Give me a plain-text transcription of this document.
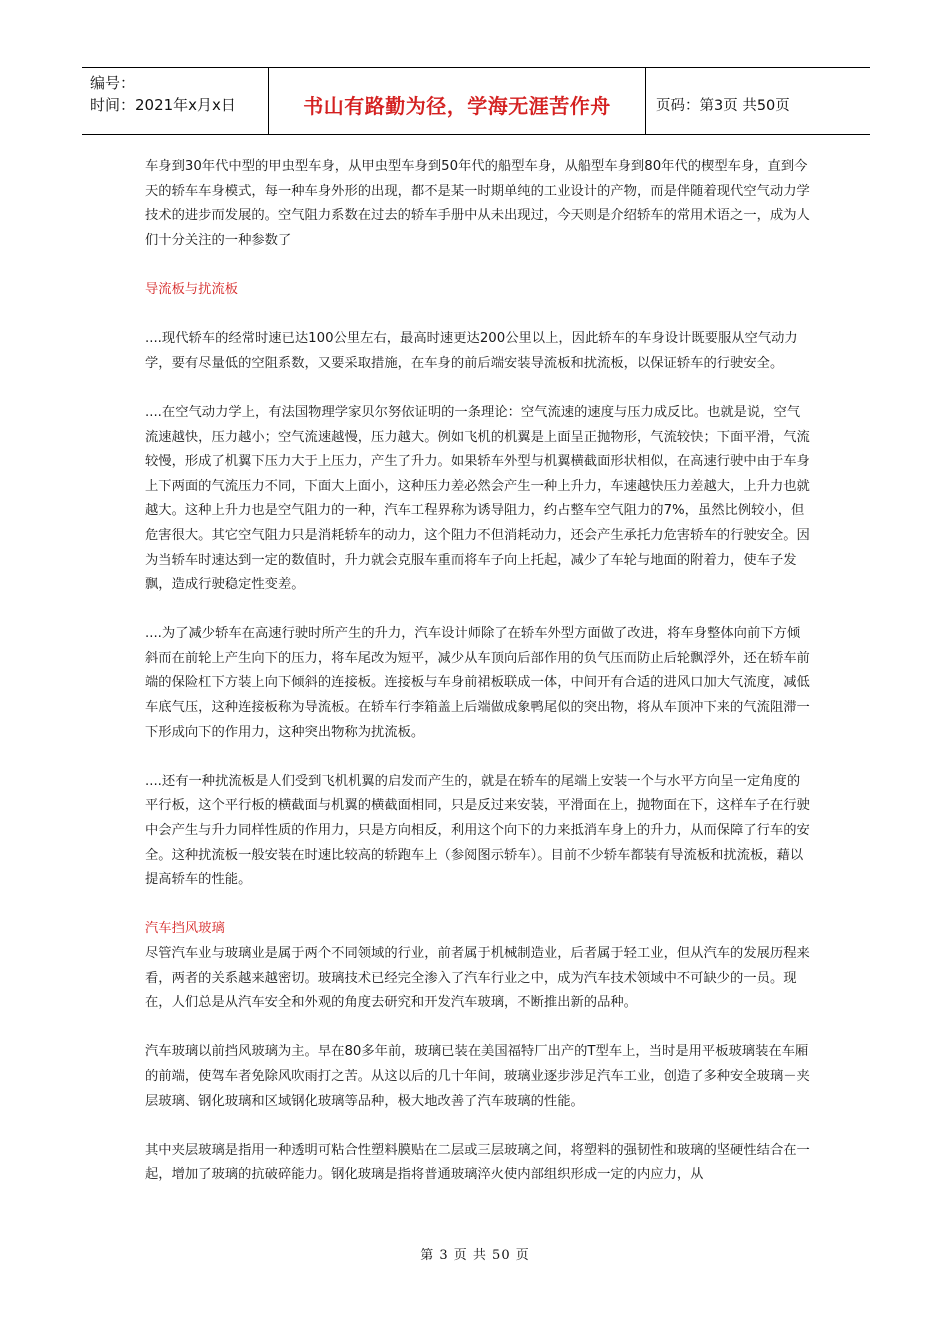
编号：
时间：2021年x月x日	书山有路勤为径，学海无涯苦作舟	页码：第3页 共50页

车身到30年代中型的甲虫型车身，从甲虫型车身到50年代的船型车身，从船型车身到80年代的楔型车身，直到今天的轿车车身模式，每一种车身外形的出现，都不是某一时期单纯的工业设计的产物，而是伴随着现代空气动力学技术的进步而发展的。空气阻力系数在过去的轿车手册中从未出现过，今天则是介绍轿车的常用术语之一，成为人们十分关注的一种参数了

导流板与扰流板

....现代轿车的经常时速已达100公里左右，最高时速更达200公里以上，因此轿车的车身设计既要服从空气动力学，要有尽量低的空阻系数，又要采取措施，在车身的前后端安装导流板和扰流板，以保证轿车的行驶安全。

....在空气动力学上，有法国物理学家贝尔努依证明的一条理论：空气流速的速度与压力成反比。也就是说，空气流速越快，压力越小；空气流速越慢，压力越大。例如飞机的机翼是上面呈正抛物形，气流较快；下面平滑，气流较慢，形成了机翼下压力大于上压力，产生了升力。如果轿车外型与机翼横截面形状相似，在高速行驶中由于车身上下两面的气流压力不同，下面大上面小，这种压力差必然会产生一种上升力，车速越快压力差越大，上升力也就越大。这种上升力也是空气阻力的一种，汽车工程界称为诱导阻力，约占整车空气阻力的7%，虽然比例较小，但危害很大。其它空气阻力只是消耗轿车的动力，这个阻力不但消耗动力，还会产生承托力危害轿车的行驶安全。因为当轿车时速达到一定的数值时，升力就会克服车重而将车子向上托起，减少了车轮与地面的附着力，使车子发飘，造成行驶稳定性变差。

....为了减少轿车在高速行驶时所产生的升力，汽车设计师除了在轿车外型方面做了改进，将车身整体向前下方倾斜而在前轮上产生向下的压力，将车尾改为短平，减少从车顶向后部作用的负气压而防止后轮飘浮外，还在轿车前端的保险杠下方装上向下倾斜的连接板。连接板与车身前裙板联成一体，中间开有合适的进风口加大气流度，减低车底气压，这种连接板称为导流板。在轿车行李箱盖上后端做成象鸭尾似的突出物，将从车顶冲下来的气流阻滞一下形成向下的作用力，这种突出物称为扰流板。

....还有一种扰流板是人们受到飞机机翼的启发而产生的，就是在轿车的尾端上安装一个与水平方向呈一定角度的平行板，这个平行板的横截面与机翼的横截面相同，只是反过来安装，平滑面在上，抛物面在下，这样车子在行驶中会产生与升力同样性质的作用力，只是方向相反，利用这个向下的力来抵消车身上的升力，从而保障了行车的安全。这种扰流板一般安装在时速比较高的轿跑车上（参阅图示轿车）。目前不少轿车都装有导流板和扰流板，藉以提高轿车的性能。

汽车挡风玻璃

尽管汽车业与玻璃业是属于两个不同领域的行业，前者属于机械制造业，后者属于轻工业，但从汽车的发展历程来看，两者的关系越来越密切。玻璃技术已经完全渗入了汽车行业之中，成为汽车技术领域中不可缺少的一员。现在，人们总是从汽车安全和外观的角度去研究和开发汽车玻璃，不断推出新的品种。

汽车玻璃以前挡风玻璃为主。早在80多年前，玻璃已装在美国福特厂出产的T型车上，当时是用平板玻璃装在车厢的前端，使驾车者免除风吹雨打之苦。从这以后的几十年间，玻璃业逐步涉足汽车工业，创造了多种安全玻璃－夹层玻璃、钢化玻璃和区域钢化玻璃等品种，极大地改善了汽车玻璃的性能。

其中夹层玻璃是指用一种透明可粘合性塑料膜贴在二层或三层玻璃之间，将塑料的强韧性和玻璃的坚硬性结合在一起，增加了玻璃的抗破碎能力。钢化玻璃是指将普通玻璃淬火使内部组织形成一定的内应力，从

第 3 页 共 50 页
